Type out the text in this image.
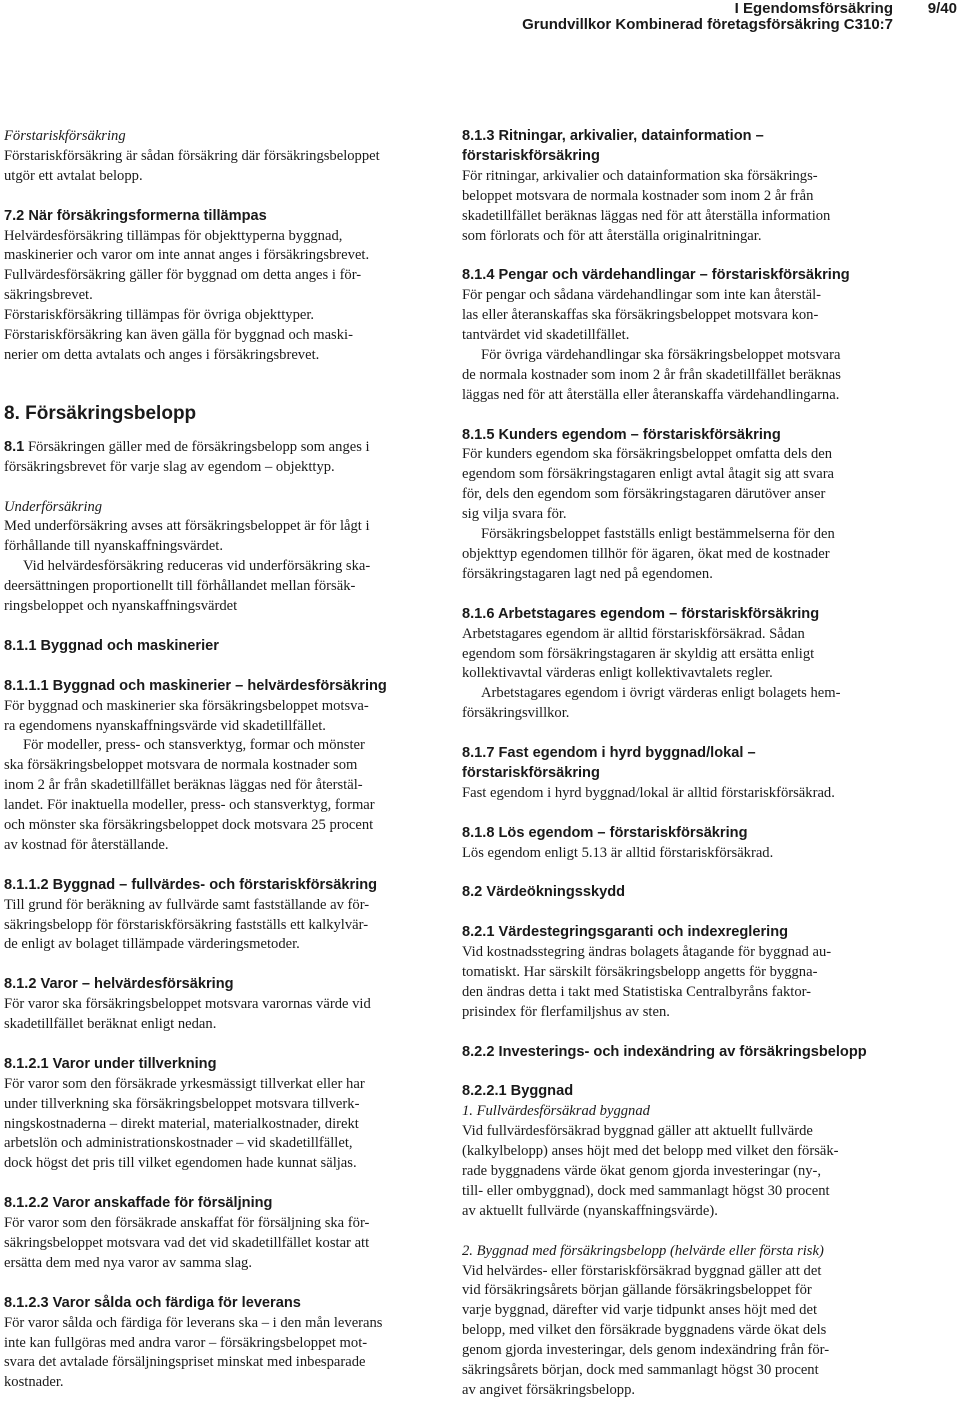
I Egendomsförsäkring
Grundvillkor Kombinerad företagsförsäkring C310:7
9/40

Förstariskförsäkring

Förstariskförsäkring är sådan försäkring där försäkringsbeloppet

utgör ett avtalat belopp.

7.2 När försäkringsformerna tillämpas

Helvärdesförsäkring tillämpas för objekttyperna byggnad,

maskinerier och varor om inte annat anges i försäkringsbrevet.

Fullvärdesförsäkring gäller för byggnad om detta anges i för-

säkringsbrevet.

Förstariskförsäkring tillämpas för övriga objekttyper.

Förstariskförsäkring kan även gälla för byggnad och maski-

nerier om detta avtalats och anges i försäkringsbrevet.

8. Försäkringsbelopp

8.1 Försäkringen gäller med de försäkringsbelopp som anges i

försäkringsbrevet för varje slag av egendom – objekttyp.

Underförsäkring

Med underförsäkring avses att försäkringsbeloppet är för lågt i

förhållande till nyanskaffningsvärdet.

Vid helvärdesförsäkring reduceras vid underförsäkring ska-

deersättningen proportionellt till förhållandet mellan försäk-

ringsbeloppet och nyanskaffningsvärdet

8.1.1 Byggnad och maskinerier

8.1.1.1 Byggnad och maskinerier – helvärdesförsäkring

För byggnad och maskinerier ska försäkringsbeloppet motsva-

ra egendomens nyanskaffningsvärde vid skadetillfället.

För modeller, press- och stansverktyg, formar och mönster

ska försäkringsbeloppet motsvara de normala kostnader som

inom 2 år från skadetillfället beräknas läggas ned för återstäl-

landet. För inaktuella modeller, press- och stansverktyg, formar

och mönster ska försäkringsbeloppet dock motsvara 25 procent

av kostnad för återställande.

8.1.1.2 Byggnad – fullvärdes- och förstariskförsäkring

Till grund för beräkning av fullvärde samt fastställande av för-

säkringsbelopp för förstariskförsäkring fastställs ett kalkylvär-

de enligt av bolaget tillämpade värderingsmetoder.

8.1.2 Varor – helvärdesförsäkring

För varor ska försäkringsbeloppet motsvara varornas värde vid

skadetillfället beräknat enligt nedan.

8.1.2.1 Varor under tillverkning

För varor som den försäkrade yrkesmässigt tillverkat eller har

under tillverkning ska försäkringsbeloppet motsvara tillverk-

ningskostnaderna – direkt material, materialkostnader, direkt

arbetslön och administrationskostnader – vid skadetillfället,

dock högst det pris till vilket egendomen hade kunnat säljas.

8.1.2.2 Varor anskaffade för försäljning

För varor som den försäkrade anskaffat för försäljning ska för-

säkringsbeloppet motsvara vad det vid skadetillfället kostar att

ersätta dem med nya varor av samma slag.

8.1.2.3 Varor sålda och färdiga för leverans

För varor sålda och färdiga för leverans ska – i den mån leverans

inte kan fullgöras med andra varor – försäkringsbeloppet mot-

svara det avtalade försäljningspriset minskat med inbesparade

kostnader.

8.1.3 Ritningar, arkivalier, datainformation –

förstariskförsäkring

För ritningar, arkivalier och datainformation ska försäkrings-

beloppet motsvara de normala kostnader som inom 2 år från

skadetillfället beräknas läggas ned för att återställa information

som förlorats och för att återställa originalritningar.

8.1.4 Pengar och värdehandlingar – förstariskförsäkring

För pengar och sådana värdehandlingar som inte kan återstäl-

las eller återanskaffas ska försäkringsbeloppet motsvara kon-

tantvärdet vid skadetillfället.

För övriga värdehandlingar ska försäkringsbeloppet motsvara

de normala kostnader som inom 2 år från skadetillfället beräknas

läggas ned för att återställa eller återanskaffa värdehandlingarna.

8.1.5 Kunders egendom – förstariskförsäkring

För kunders egendom ska försäkringsbeloppet omfatta dels den

egendom som försäkringstagaren enligt avtal åtagit sig att svara

för, dels den egendom som försäkringstagaren därutöver anser

sig vilja svara för.

Försäkringsbeloppet fastställs enligt bestämmelserna för den

objekttyp egendomen tillhör för ägaren, ökat med de kostnader

försäkringstagaren lagt ned på egendomen.

8.1.6 Arbetstagares egendom – förstariskförsäkring

Arbetstagares egendom är alltid förstariskförsäkrad. Sådan

egendom som försäkringstagaren är skyldig att ersätta enligt

kollektivavtal värderas enligt kollektivavtalets regler.

Arbetstagares egendom i övrigt värderas enligt bolagets hem-

försäkringsvillkor.

8.1.7 Fast egendom i hyrd byggnad/lokal –

förstariskförsäkring

Fast egendom i hyrd byggnad/lokal är alltid förstariskförsäkrad.

8.1.8 Lös egendom – förstariskförsäkring

Lös egendom enligt 5.13 är alltid förstariskförsäkrad.

8.2 Värdeökningsskydd

8.2.1 Värdestegringsgaranti och indexreglering

Vid kostnadsstegring ändras bolagets åtagande för byggnad au-

tomatiskt. Har särskilt försäkringsbelopp angetts för byggna-

den ändras detta i takt med Statistiska Centralbyråns faktor-

prisindex för flerfamiljshus av sten.

8.2.2 Investerings- och indexändring av försäkringsbelopp

8.2.2.1 Byggnad

1. Fullvärdesförsäkrad byggnad

Vid fullvärdesförsäkrad byggnad gäller att aktuellt fullvärde

(kalkylbelopp) anses höjt med det belopp med vilket den försäk-

rade byggnadens värde ökat genom gjorda investeringar (ny-,

till- eller ombyggnad), dock med sammanlagt högst 30 procent

av aktuellt fullvärde (nyanskaffningsvärde).

2. Byggnad med försäkringsbelopp (helvärde eller första risk)

Vid helvärdes- eller förstariskförsäkrad byggnad gäller att det

vid försäkringsårets början gällande försäkringsbeloppet för

varje byggnad, därefter vid varje tidpunkt anses höjt med det

belopp, med vilket den försäkrade byggnadens värde ökat dels

genom gjorda investeringar, dels genom indexändring från för-

säkringsårets början, dock med sammanlagt högst 30 procent

av angivet försäkringsbelopp.
